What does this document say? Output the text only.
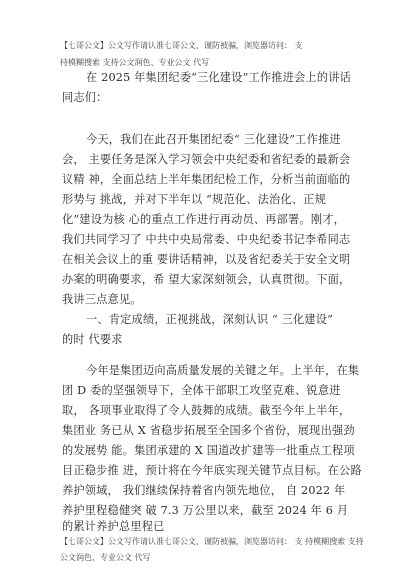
【七哥公文】公文写作请认准七哥公文，谨防被骗，浏览器访问： 支
持模糊搜索 支持公文润色、专业公文 代写
在 2025 年集团纪委“三化建设”工作推进会上的讲话
同志们：
今天，我们在此召开集团纪委“ 三化建设”工作推进
会， 主要任务是深入学习领会中央纪委和省纪委的最新会
议精 神，全面总结上半年集团纪检工作，分析当前面临的
形势与 挑战，并对下半年以 “规范化、法治化、正规
化”建设为核 心的重点工作进行再动员、再部署。刚才，
我们共同学习了 中共中央局常委、中央纪委书记李希同志
在相关会议上的重 要讲话精神，以及省纪委关于安全文明
办案的明确要求，希 望大家深刻领会，认真贯彻。下面，
我讲三点意见。
一、肯定成绩，正视挑战，深刻认识 “ 三化建设”
的时 代要求
今年是集团迈向高质量发展的关键之年。上半年，在集
团 D 委的坚强领导下，全体干部职工攻坚克难、锐意进
取， 各项事业取得了令人鼓舞的成绩。截至今年上半年，
集团业 务已从 X 省稳步拓展至全国多个省份，展现出强劲
的发展势 能。集团承建的 X 国道改扩建等一批重点工程项
目正稳步推 进，预计将在今年底实现关键节点目标。在公路
养护领域， 我们继续保持着省内领先地位， 自 2022 年
养护里程稳健突 破 7.3 万公里以来，截至 2024 年 6 月
的累计养护总里程已
【七哥公文】公文写作请认准七哥公文，谨防被骗，浏览器访问： 支 持模糊搜索 支持
公文润色、专业公文 代写
